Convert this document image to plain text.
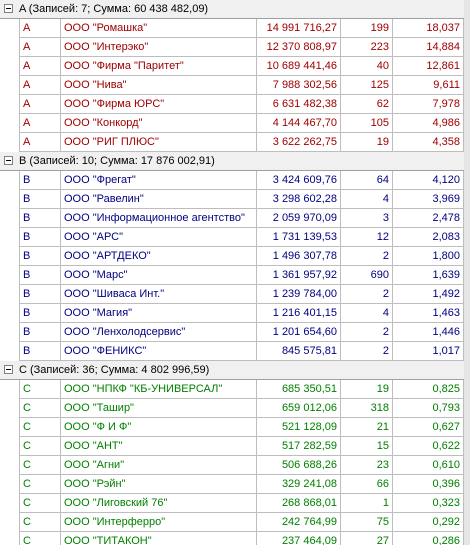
A (Записей: 7; Сумма: 60 438 482,09)
А	ООО "Ромашка"	14 991 716,27	199	18,037
А	ООО "Интерэко"	12 370 808,97	223	14,884
А	ООО "Фирма "Паритет"	10 689 441,46	40	12,861
А	ООО "Нива"	7 988 302,56	125	9,611
А	ООО "Фирма ЮРС"	6 631 482,38	62	7,978
А	ООО "Конкорд"	4 144 467,70	105	4,986
А	ООО "РИГ ПЛЮС"	3 622 262,75	19	4,358
B (Записей: 10; Сумма: 17 876 002,91)
B	ООО "Фрегат"	3 424 609,76	64	4,120
B	ООО "Равелин"	3 298 602,28	4	3,969
B	ООО "Информационное агентство"	2 059 970,09	3	2,478
B	ООО "АРС"	1 731 139,53	12	2,083
B	ООО "АРТДЕКО"	1 496 307,78	2	1,800
B	ООО "Марс"	1 361 957,92	690	1,639
B	ООО "Шиваса Инт."	1 239 784,00	2	1,492
B	ООО "Магия"	1 216 401,15	4	1,463
B	ООО "Ленхолодсервис"	1 201 654,60	2	1,446
B	ООО "ФЕНИКС"	845 575,81	2	1,017
C (Записей: 36; Сумма: 4 802 996,59)
C	ООО "НПКФ "КБ-УНИВЕРСАЛ"	685 350,51	19	0,825
C	ООО "Ташир"	659 012,06	318	0,793
C	ООО "Ф И Ф"	521 128,09	21	0,627
C	ООО "АНТ"	517 282,59	15	0,622
C	ООО "Агни"	506 688,26	23	0,610
C	ООО "Рэйн"	329 241,08	66	0,396
C	ООО "Лиговский 76"	268 868,01	1	0,323
C	ООО "Интерферро"	242 764,99	75	0,292
C	ООО "ТИТАКОН"	237 464,09	27	0,286
